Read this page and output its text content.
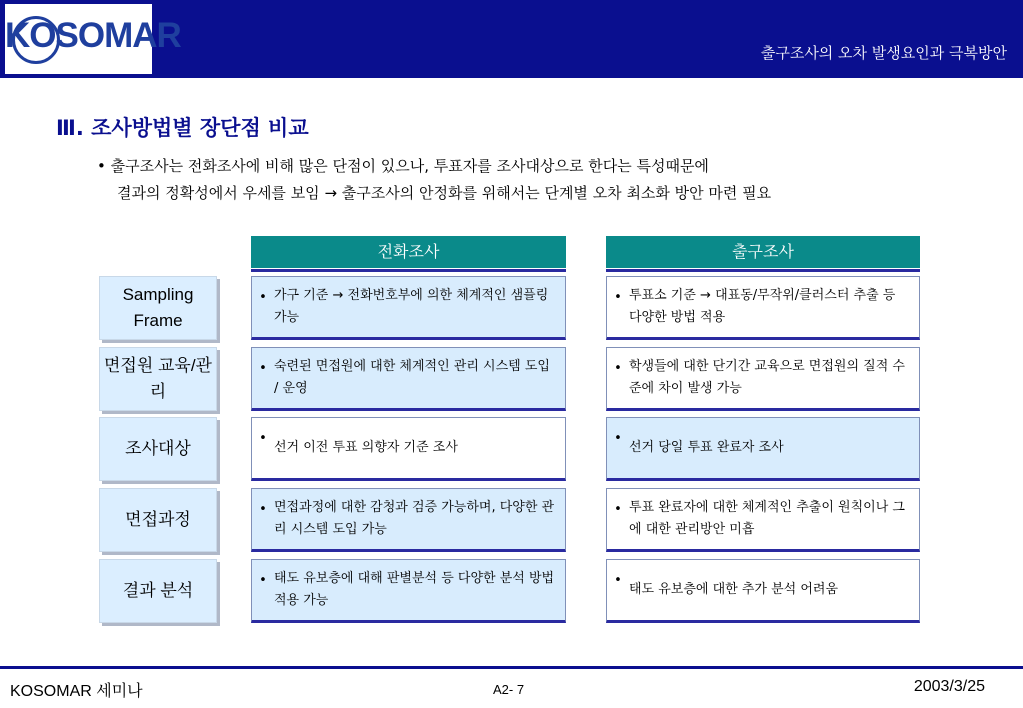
KOSOMAR	출구조사의 오차 발생요인과 극복방안
Ⅲ. 조사방법별 장단점 비교
• 출구조사는 전화조사에 비해 많은 단점이 있으나, 투표자를 조사대상으로 한다는 특성때문에
결과의 정확성에서 우세를 보임 → 출구조사의 안정화를 위해서는 단계별 오차 최소화 방안 마련 필요
전화조사	출구조사
Sampling Frame
• 가구 기준 → 전화번호부에 의한 체계적인 샘플링 가능
• 투표소 기준 → 대표동/무작위/클러스터 추출 등 다양한 방법 적용
면접원 교육/관리
• 숙련된 면접원에 대한 체계적인 관리 시스템 도입 / 운영
• 학생들에 대한 단기간 교육으로 면접원의 질적 수준에 차이 발생 가능
조사대상
•
선거 이전 투표 의향자 기준 조사
•
선거 당일 투표 완료자 조사
면접과정
• 면접과정에 대한 감청과 검증 가능하며, 다양한 관리 시스템 도입 가능
• 투표 완료자에 대한 체계적인 추출이 원칙이나 그에 대한 관리방안 미흡
결과 분석
• 태도 유보층에 대해 판별분석 등 다양한 분석 방법 적용 가능
•
태도 유보층에 대한 추가 분석 어려움
KOSOMAR 세미나	A2- 7	2003/3/25
